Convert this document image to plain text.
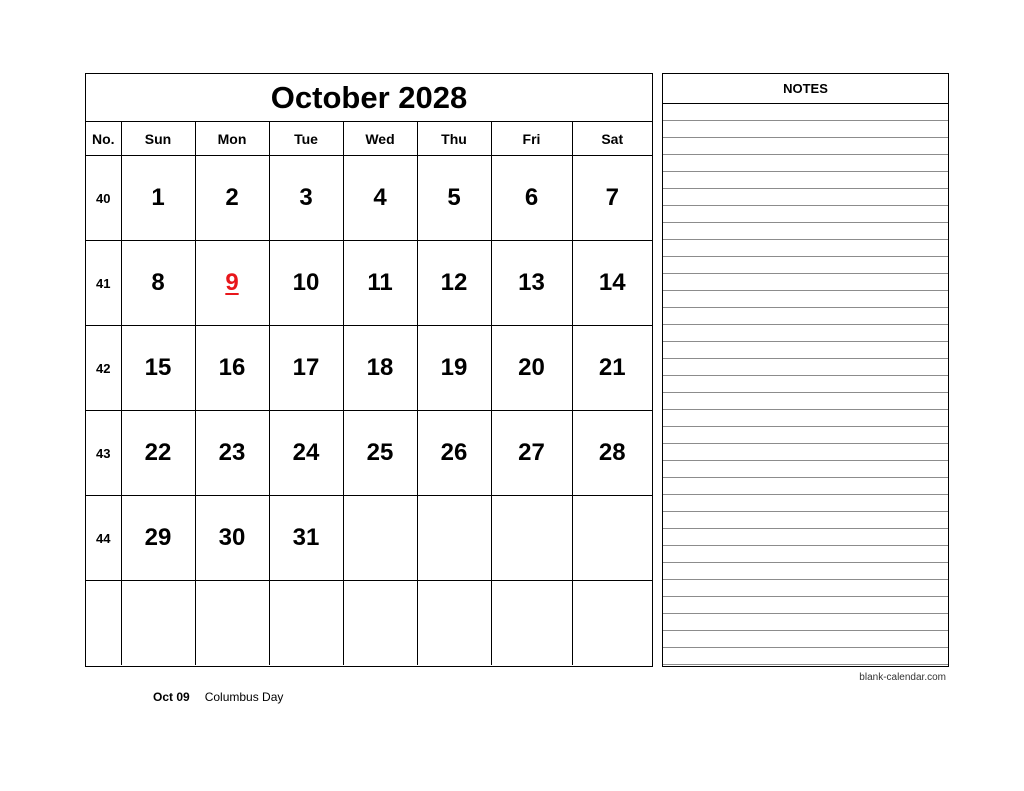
October 2028
No.	Sun	Mon	Tue	Wed	Thu	Fri	Sat
40	1	2	3	4	5	6	7
41	8	9	10	11	12	13	14
42	15	16	17	18	19	20	21
43	22	23	24	25	26	27	28
44	29	30	31				

NOTES
blank-calendar.com
Oct 09 Columbus Day
